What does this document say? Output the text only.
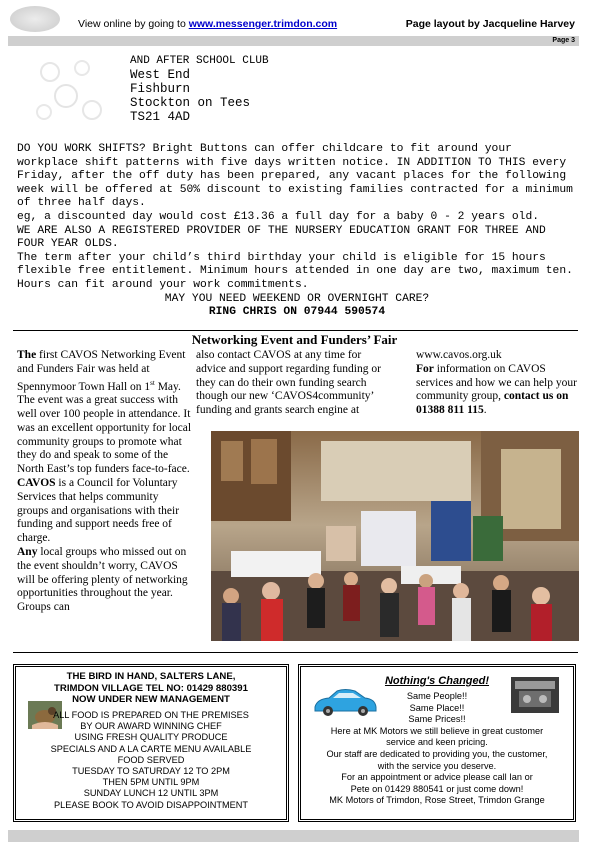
View online by going to www.messenger.trimdon.com	Page layout by Jacqueline Harvey
Page 3
AND AFTER SCHOOL CLUB
West End
Fishburn
Stockton on Tees
TS21 4AD
DO YOU WORK SHIFTS? Bright Buttons can offer childcare to fit around your workplace shift patterns with five days written notice. IN ADDITION TO THIS every Friday, after the off duty has been prepared, any vacant places for the following week will be offered at 50% discount to existing families contracted for a minimum of three half days.
eg, a discounted day would cost £13.36 a full day for a baby 0 - 2 years old.
WE ARE ALSO A REGISTERED PROVIDER OF THE NURSERY EDUCATION GRANT FOR THREE AND FOUR YEAR OLDS.
The term after your child’s third birthday your child is eligible for 15 hours flexible free entitlement. Minimum hours attended in one day are two, maximum ten. Hours can fit around your work commitments.
MAY YOU NEED WEEKEND OR OVERNIGHT CARE?
RING CHRIS ON 07944 590574
Networking Event and Funders’ Fair
The first CAVOS Networking Event and Funders Fair was held at Spennymoor Town Hall on 1st May. The event was a great success with well over 100 people in attendance. It was an excellent opportunity for local community groups to promote what they do and speak to some of the North East’s top funders face-to-face.
CAVOS is a Council for Voluntary Services that helps community groups and organisations with their funding and support needs free of charge.
Any local groups who missed out on the event shouldn’t worry, CAVOS will be offering plenty of networking opportunities throughout the year. Groups can
also contact CAVOS at any time for advice and support regarding funding or they can do their own funding search though our new ‘CAVOS4community’ funding and grants search engine at
www.cavos.org.uk
For information on CAVOS services and how we can help your community group, contact us on 01388 811 115.
THE BIRD IN HAND, SALTERS LANE,
TRIMDON VILLAGE TEL NO: 01429 880391
NOW UNDER NEW MANAGEMENT
ALL FOOD IS PREPARED ON THE PREMISES
BY OUR AWARD WINNING CHEF
USING FRESH QUALITY PRODUCE
SPECIALS AND A LA CARTE MENU AVAILABLE
FOOD SERVED
TUESDAY TO SATURDAY 12 TO 2PM
THEN 5PM UNTIL 9PM
SUNDAY LUNCH 12 UNTIL 3PM
PLEASE BOOK TO AVOID DISAPPOINTMENT
Nothing's Changed!
Same People!!
Same Place!!
Same Prices!!
Here at MK Motors we still believe in great customer
service and keen pricing.
Our staff are dedicated to providing you, the customer,
with the service you deserve.
For an appointment or advice please call Ian or
Pete on 01429 880541 or just come down!
MK Motors of Trimdon, Rose Street, Trimdon Grange
